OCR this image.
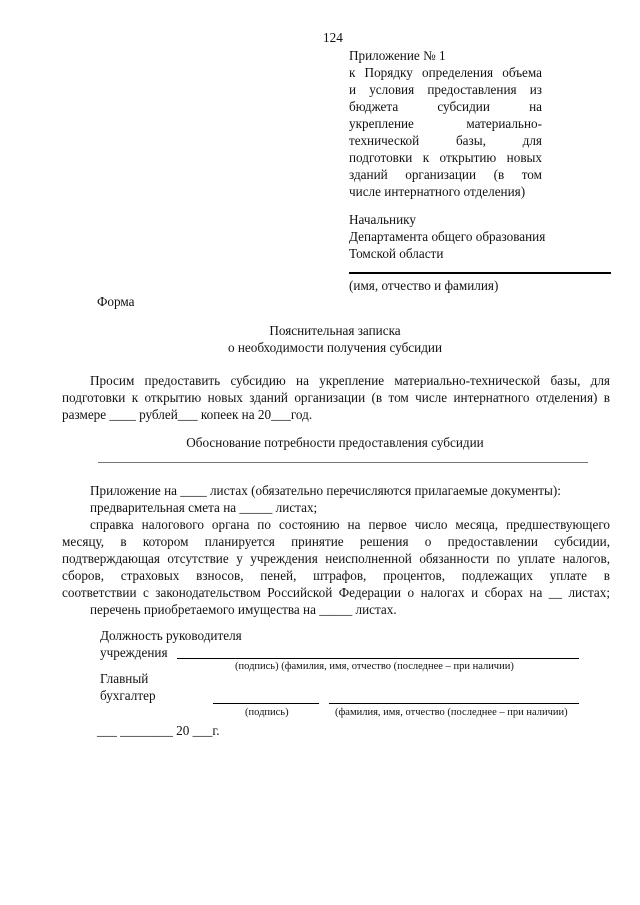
124
Приложение № 1
к Порядку определения объема
и условия предоставления из
бюджета субсидии на
укрепление материально-
технической базы, для
подготовки к открытию новых
зданий организации (в том
числе интернатного отделения)
Начальнику
Департамента общего образования
Томской области
(имя, отчество и фамилия)
Форма
Пояснительная записка
о необходимости получения субсидии
Просим предоставить субсидию на укрепление материально-технической базы, для
подготовки к открытию новых зданий организации (в том числе интернатного отделения) в
размере ____ рублей___ копеек на 20___год.
Обоснование потребности предоставления субсидии
Приложение на ____ листах (обязательно перечисляются прилагаемые документы):
предварительная смета на _____ листах;
справка налогового органа по состоянию на первое число месяца, предшествующего
месяцу, в котором планируется принятие решения о предоставлении субсидии,
подтверждающая отсутствие у учреждения неисполненной обязанности по уплате налогов,
сборов, страховых взносов, пеней, штрафов, процентов, подлежащих уплате в
соответствии с законодательством Российской Федерации о налогах и сборах на __ листах;
перечень приобретаемого имущества на _____ листах.
Должность руководителя
учреждения
(подпись) (фамилия, имя, отчество (последнее – при наличии)
Главный
бухгалтер
(подпись)	(фамилия, имя, отчество (последнее – при наличии)
___ ________ 20 ___г.
